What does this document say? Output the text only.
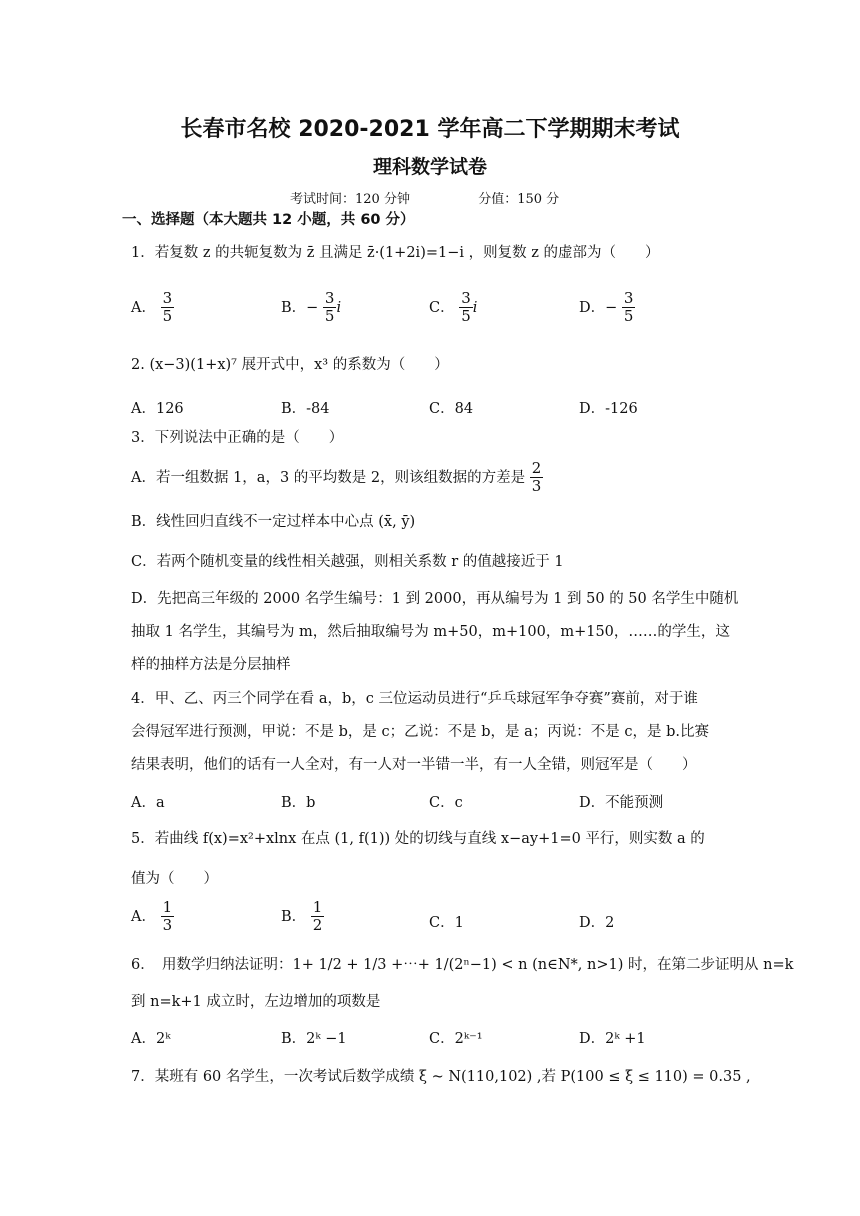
长春市名校 2020-2021 学年高二下学期期末考试
理科数学试卷
考试时间：120 分钟	分值：150 分
一、选择题（本大题共 12 小题，共 60 分）
1．若复数 z 的共轭复数为 z̄ 且满足 z̄·(1+2i)=1−i ，则复数 z 的虚部为（　　）
A． $\frac{3}{5}$	B．− $\frac{3}{5}$ i	C． $\frac{3}{5}$ i	D．− $\frac{3}{5}$
2. (x−3)(1+x)⁷ 展开式中，x³ 的系数为（　　）
A．126	B．-84	C．84	D．-126
3．下列说法中正确的是（　　）
A．若一组数据 1，a，3 的平均数是 2，则该组数据的方差是 $\frac{2}{3}$
B．线性回归直线不一定过样本中心点 (x̄, ȳ)
C．若两个随机变量的线性相关越强，则相关系数 r 的值越接近于 1
D．先把高三年级的 2000 名学生编号：1 到 2000，再从编号为 1 到 50 的 50 名学生中随机
抽取 1 名学生，其编号为 m，然后抽取编号为 m+50，m+100，m+150，……的学生，这
样的抽样方法是分层抽样
4．甲、乙、丙三个同学在看 a，b，c 三位运动员进行“乒乓球冠军争夺赛”赛前，对于谁
会得冠军进行预测，甲说：不是 b，是 c；乙说：不是 b，是 a；丙说：不是 c，是 b.比赛
结果表明，他们的话有一人全对，有一人对一半错一半，有一人全错，则冠军是（　　）
A．a	B．b	C．c	D．不能预测
5．若曲线 f(x)=x²+xlnx 在点 (1, f(1)) 处的切线与直线 x−ay+1=0 平行，则实数 a 的
值为（　　）
A． $\frac{1}{3}$	B． $\frac{1}{2}$	C．1	D．2
6．　用数学归纳法证明：1+ 1/2 + 1/3 +⋯+ 1/(2ⁿ−1) < n (n∈N*, n>1) 时，在第二步证明从 n=k
到 n=k+1 成立时，左边增加的项数是
A．2ᵏ	B．2ᵏ −1	C．2ᵏ⁻¹	D．2ᵏ +1
7．某班有 60 名学生，一次考试后数学成绩 ξ ~ N(110,102) ,若 P(100 ≤ ξ ≤ 110) = 0.35 ,
